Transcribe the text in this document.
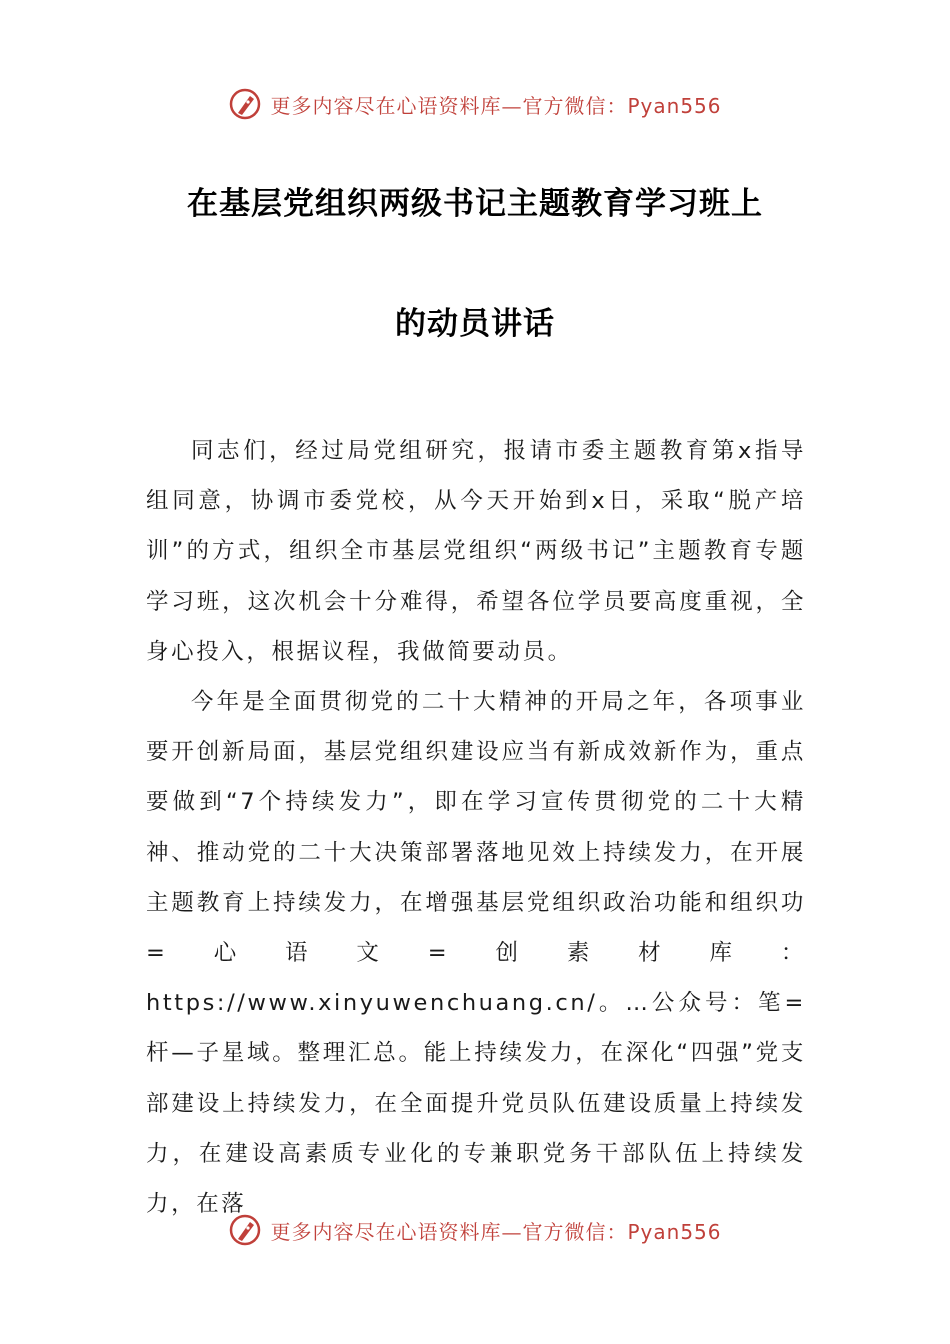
更多内容尽在心语资料库—官方微信：Pyan556
在基层党组织两级书记主题教育学习班上
的动员讲话

同志们，经过局党组研究，报请市委主题教育第x指导组同意，协调市委党校，从今天开始到x日，采取“脱产培训”的方式，组织全市基层党组织“两级书记”主题教育专题学习班，这次机会十分难得，希望各位学员要高度重视，全身心投入，根据议程，我做简要动员。

今年是全面贯彻党的二十大精神的开局之年，各项事业要开创新局面，基层党组织建设应当有新成效新作为，重点要做到“7个持续发力”，即在学习宣传贯彻党的二十大精神、推动党的二十大决策部署落地见效上持续发力，在开展主题教育上持续发力，在增强基层党组织政治功能和组织功=心语文=创素材库：https://www.xinyuwenchuang.cn/。…公众号：笔=杆—子星域。整理汇总。能上持续发力，在深化“四强”党支部建设上持续发力，在全面提升党员队伍建设质量上持续发力，在建设高素质专业化的专兼职党务干部队伍上持续发力，在落

更多内容尽在心语资料库—官方微信：Pyan556
